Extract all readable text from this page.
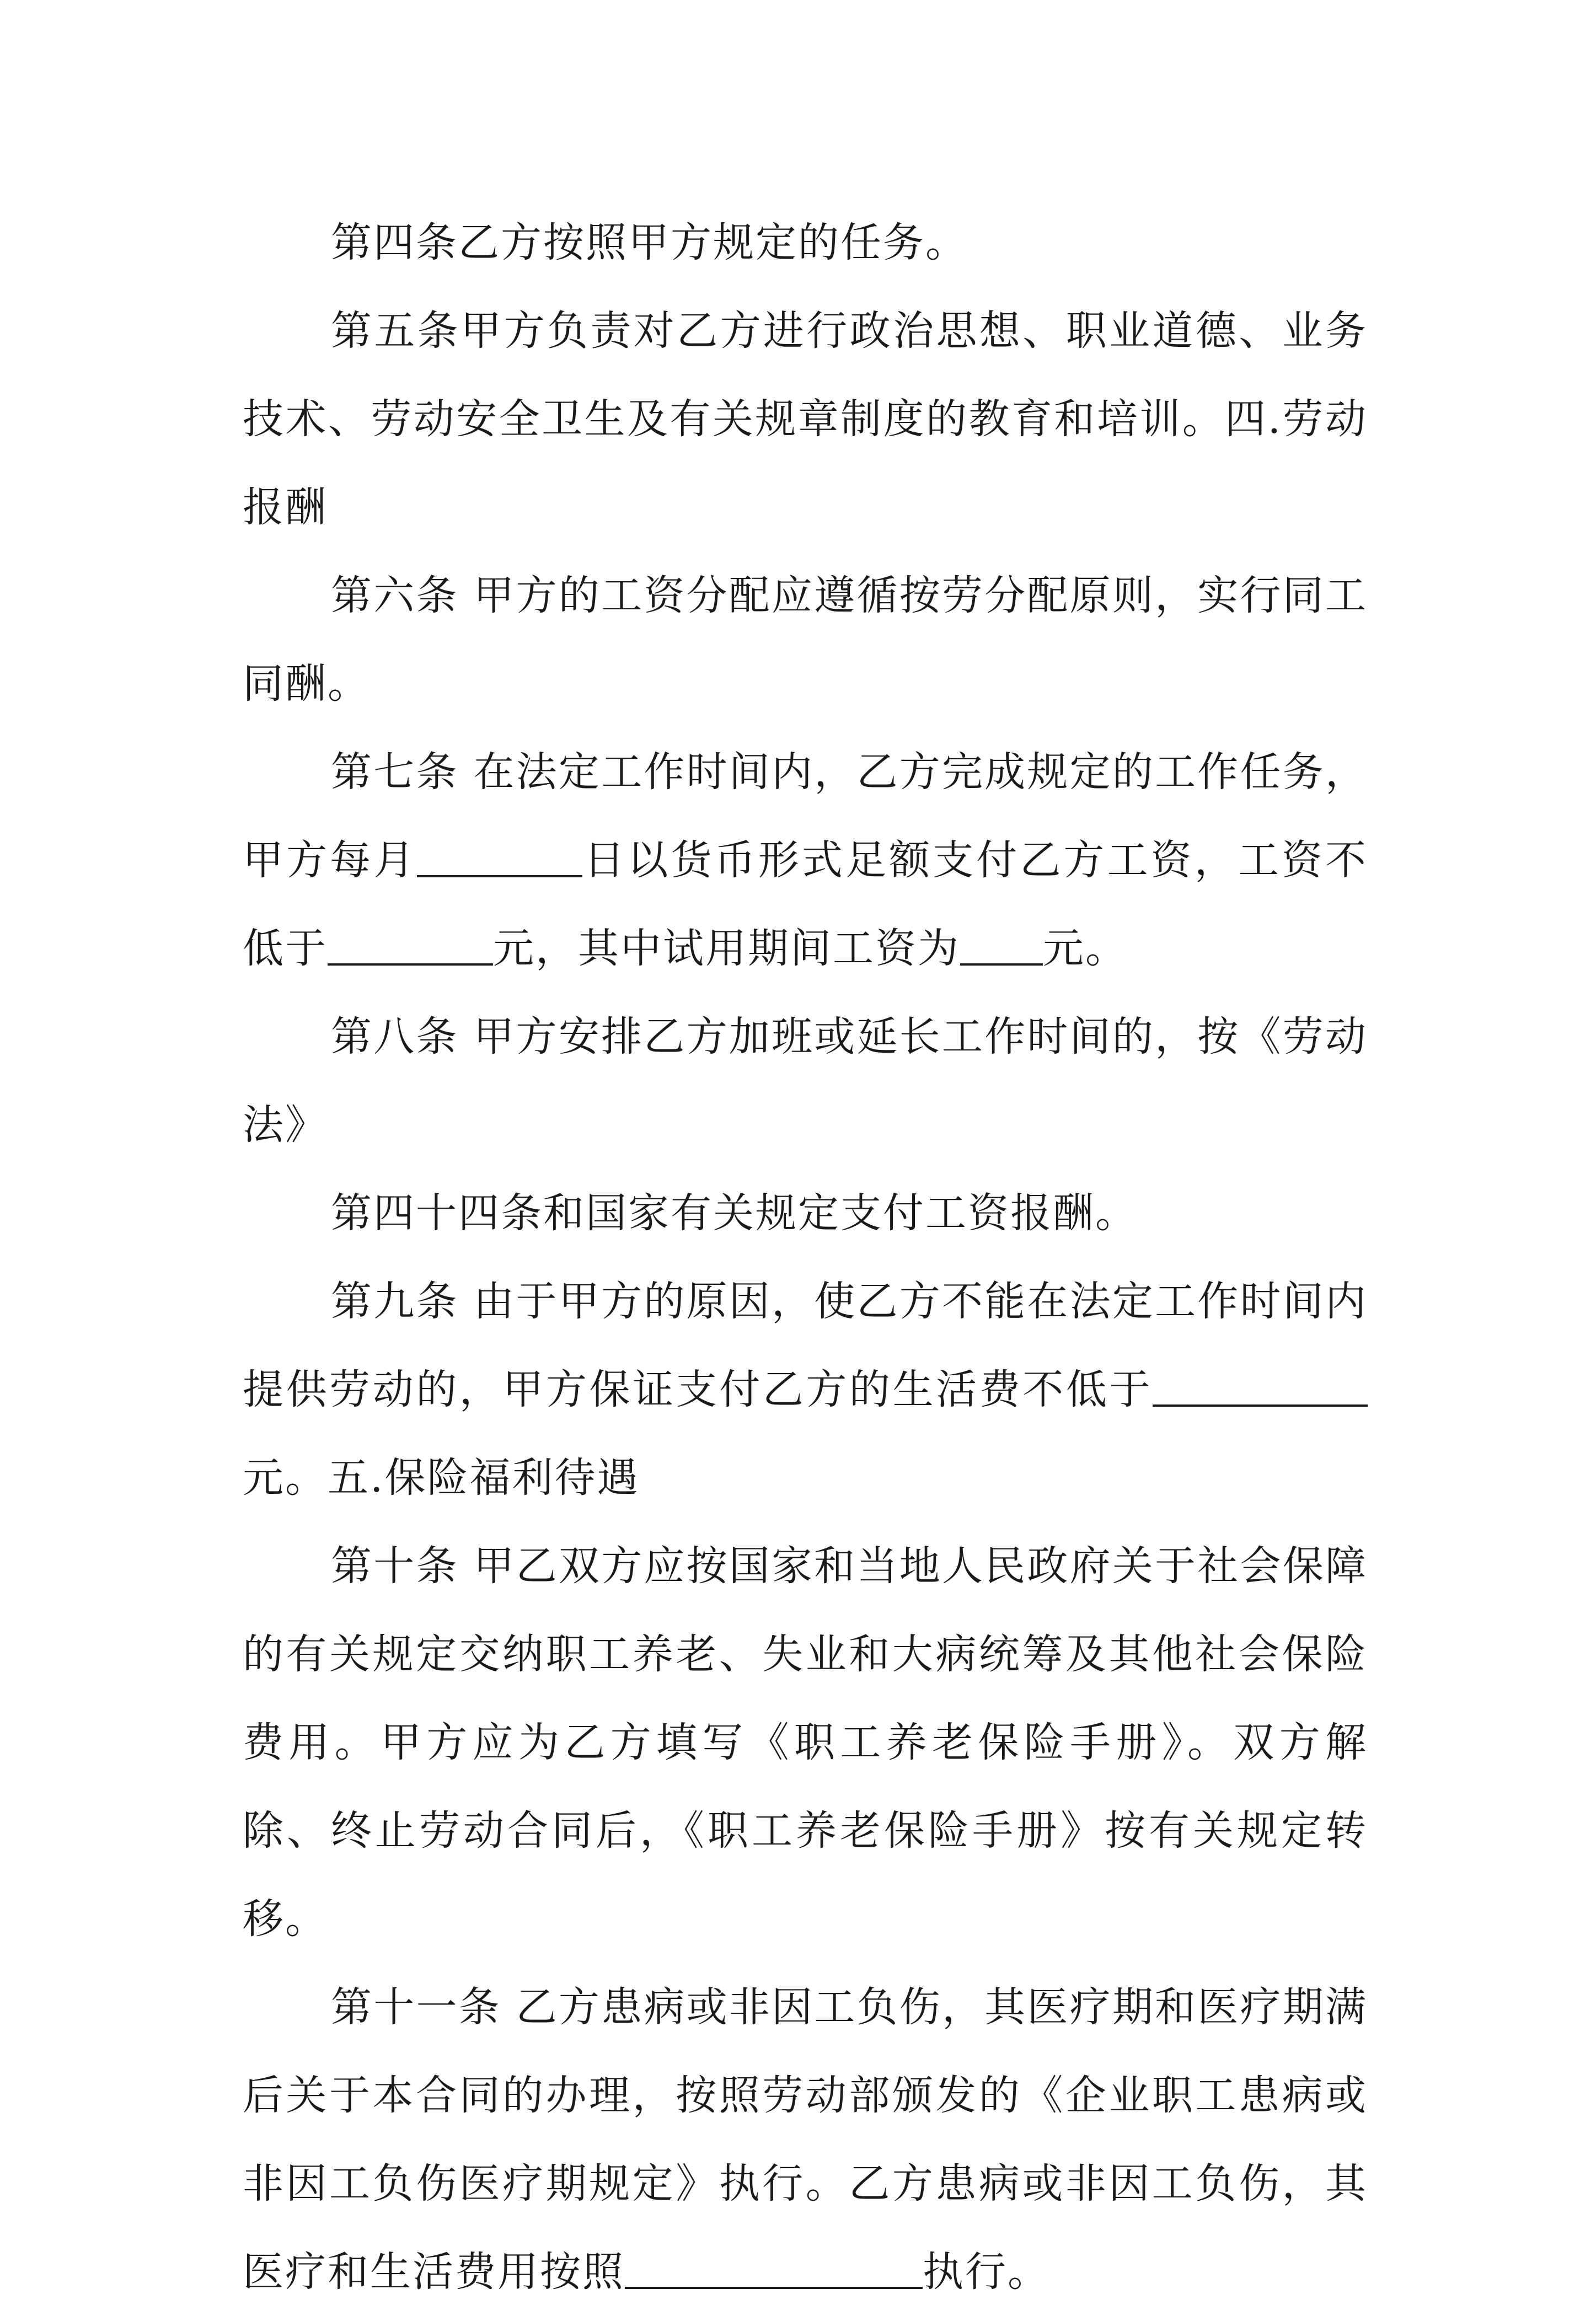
第四条乙方按照甲方规定的任务。

第五条甲方负责对乙方进行政治思想、职业道德、业务技术、劳动安全卫生及有关规章制度的教育和培训。四.劳动报酬

第六条 甲方的工资分配应遵循按劳分配原则，实行同工同酬。

第七条 在法定工作时间内，乙方完成规定的工作任务，甲方每月	日以货币形式足额支付乙方工资，工资不低于	元，其中试用期间工资为 元。

第八条 甲方安排乙方加班或延长工作时间的，按《劳动法》

第四十四条和国家有关规定支付工资报酬。

第九条 由于甲方的原因，使乙方不能在法定工作时间内提供劳动的，甲方保证支付乙方的生活费不低于元。五.保险福利待遇

第十条 甲乙双方应按国家和当地人民政府关于社会保障的有关规定交纳职工养老、失业和大病统筹及其他社会保险费用。甲方应为乙方填写《职工养老保险手册》。双方解除、终止劳动合同后，《职工养老保险手册》按有关规定转移。

第十一条 乙方患病或非因工负伤，其医疗期和医疗期满后关于本合同的办理，按照劳动部颁发的《企业职工患病或非因工负伤医疗期规定》执行。乙方患病或非因工负伤，其医疗和生活费用按照	执行。
